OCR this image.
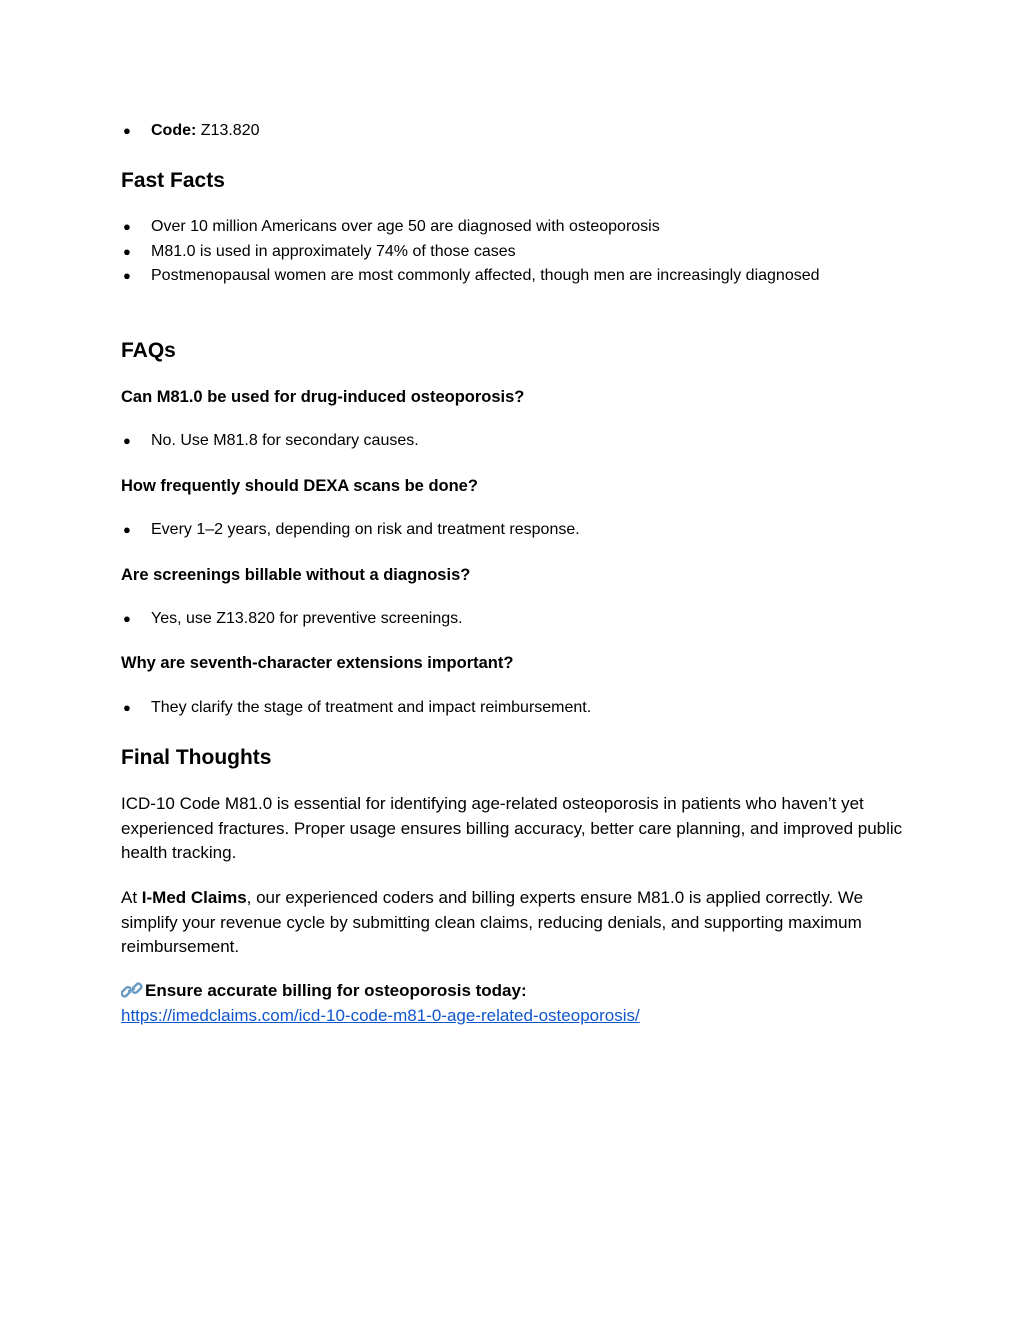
● Code: Z13.820
Fast Facts
● Over 10 million Americans over age 50 are diagnosed with osteoporosis
● M81.0 is used in approximately 74% of those cases
● Postmenopausal women are most commonly affected, though men are increasingly diagnosed
FAQs
Can M81.0 be used for drug-induced osteoporosis?
● No. Use M81.8 for secondary causes.
How frequently should DEXA scans be done?
● Every 1–2 years, depending on risk and treatment response.
Are screenings billable without a diagnosis?
● Yes, use Z13.820 for preventive screenings.
Why are seventh-character extensions important?
● They clarify the stage of treatment and impact reimbursement.
Final Thoughts
ICD-10 Code M81.0 is essential for identifying age-related osteoporosis in patients who haven’t yet experienced fractures. Proper usage ensures billing accuracy, better care planning, and improved public health tracking.
At I-Med Claims, our experienced coders and billing experts ensure M81.0 is applied correctly. We simplify your revenue cycle by submitting clean claims, reducing denials, and supporting maximum reimbursement.
Ensure accurate billing for osteoporosis today:
https://imedclaims.com/icd-10-code-m81-0-age-related-osteoporosis/
